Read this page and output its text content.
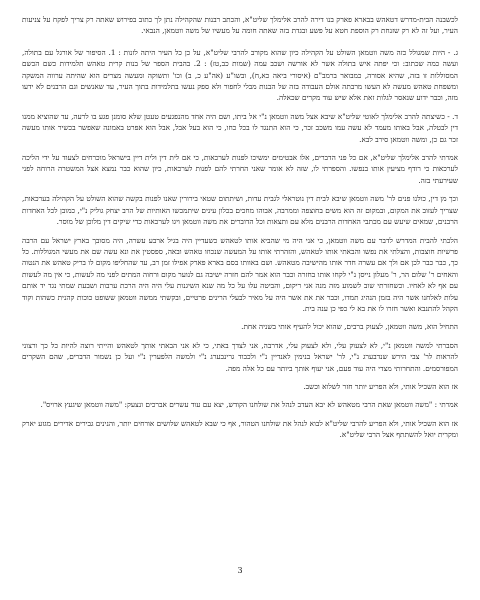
לכשבנה הבית-מדרש דטאהש בבארא פארק בנו דירה להרב אלימלך שליט"א, והכתב רבנות שהקהילה נתן לך כתוב בפירוש שאתה רק צריך לפקח על צניעות העיר, ועל זה לא רק שזנחת רק הוספת חטא על פשע ובגדת בזה שאתה חומה על מעשיו של משה ווטמאן, הנבאי.

ג. - היות שמגולל כזה משה ווטמאן השולט על הקהילה כיון שהוא מקורב להרבי שליט"א, על כן כל העיר היתה לזנות : 1. הסיפור של אורגל עם בתולה, ועשה כמה שכתוב: וכי יפתה איש בתולה אשר לא אורשה ושכב עמה (שמות כב,טז) : 2. בהבית הספר של בנות קרית טאהש תלמידות כשם הכשם המסוללות זו בזה, שהיא אסורה, כמבואר ברמב"ם (איסורי ביאה כא,ח), ובשו"ע (אה"ע כ, ב) וכו' ותשוקה ומעשה מצרים הוא שהיתה ערווה המשקה ומשפחת טאהש מעשה לא העשו מרבתה אולם העבודה בזה של הבנות מבלי לחפור ולא ספק נעשו בתלמידות בתוך העיר, עד שאנשים וגם הרבנים לא ידעו מזה, וכבר ידוע שנאסר לגלות זאת אלא שיש עוד מקרים שכאלה.

ד. - כשיצתה להרב אלימלך לאוטי שליט"א שיבא אצל משה ווטמאן נ"י אל ביתו, ושם היה אחד מהנפגעים טעטן שלא סומנן פגע בו לרעה, עד שהוציא ממנו דין לבטלה, אבל באותו מעמד לא עשה עמו משכב זכר, כי הוא התנגד לו בכל כחו, כי הוא בעל אבל, אבל הוא אפרט באמונה שאפשר בכשיר אותו מעשה זכר גם כן, ומשה ווטמאן סירב לבא.

אמרתי להרב אלימלך שליט"א, אם כל פני הדברים, אלו אבטימים ימשיכו לפנות לערכאות, כי אם לית דין ולית דיין בישראל מוכרחים לצעוד על ידי הליכה לערכאות כי רודף מציעין אותו בנפשו. והספרתי לו, שזה לא אומר שאני החרתי להם לפנות לערכאות, כיון שהוא כבר נמצא אצל המשטרה הרוחה לפני שעירעתי בזה.

וכך מן דין, כולנו פנים לר' משה ווטמאן שיבא לבית דין נוטראלי לגבית עדות, ושיתתום שטאי בירורין שאנו לפנות בקשה שהוא השולט על הקהילה בערכאות, שצריך לעזוב את המקום, ובמקום זה הוא משים בחוצפה וממרבה, אבוהו מחכים בכלון עינים שיתמכשו האותיות של הרב יצחק גוליק נ"י, כמובן לכל האחדות הרבנים, שמאים שיעש עם מכתבי האחדות הרבנים מלא עם ותצאות וכל הדוברים את משה ווטמאן ויגו לערכאות כדי שיקים דין מלוכן של מוסר.

הלכתי להבית המדרש לדבר עם משה ווטמאן, כי אני היה מי שהביא אותו לטאהש כשעדיין היה בגיל ארבע עשרה, היה מסובך בארץ ישראל עם הרבה פרשיות חוצבות, והצלתי את נפשו והבאתי אותו לטאהש, והזהרתי אותו על המעשה שנכוזו טאהש ובאה, ספסטין את ונא עשה שם את מעשי המגוללות. כל כך, כבר כבר לכן אם ולך אם עשרה חדר אותו מהישיבה מטאהש. ושם באוותו בסם בארא פארק אפילו זמן רב, עד שהחליפו מקום לו בריק טאהש את הנטוה והאחים ר' שלום הר, ר' מעלון נייסן נ"י לקחו אותו בחזרה וכבר הוא אמר להם חזרה ישיבה גם לנוער מקום ורחוה המתים לפני מה לעשות, כי אין מה לעשות עם אף לא לאחיו. וכשחזרתי שוב לשמוע מזה מנה אני ריקום, והביטה עלו על כל מה שנא השיגנות עלי היה היה הרכת ערבות ושבעת שמתי נגד יד אותם עלות לאלחנו אשר היה בזמן הנהיג תמדו, וכבר את את אשר היה על מאיר לבעלי הרינים פרטיים, ובקשתי ממשה ווטמאן ששופט כוכות קהנית כשהות וקוד הקהל להתנבא ואשר חזרו לו את בא לי כפי כן ענה בית.

התחיל הוא, משה ווטמאן, לצעוק ברבים, שהוא יכול להעיף אותי בשניה אחת.

הסברתי למשה ווטמאן נ"י, לא לצעוק עלי, ולא לצעוק עלי, אדרבה, אני לצדך באתי, כי לא אני הבאתי אותך לטאהש והייתי רוצה להיות כל כך ורצוני להראות לר' צבי הירש שנדבערג נ"י, לר' ישראל בנימין לאנדיין נ"י ולכבוד גרינבערג נ"י ולמשה הלפערין נ"י ועל כן נשמור הדברים, שהם השקרים המפורסמים. והתחרותי מצדי היה עוד פעם, אני יעוף אותך ביותר עם כל אלה מפה.

אז הוא השכיל אותי, ולא הפריע יותר חזר לשלוא וכשב.

אמרתי : "משה ווטמאן שאת הרבי מטאהש לא יבא העדב לנהל את שולחנו הקודש, יצא עם עוד עשרים אברכים ונצעק: "משה ווטמאן שיגעץ ארויס".

אז הוא השכיל אותי, ולא הפריע להרבי שליט"א לבוא לנהל את שולחנו הטהור, אף כי שבא לטאהש שלושים אורחים יותר, והנינים גבירים אדירים מגזע יארק ומקרית יואל להשתתף אצל הרבי שליט"א.

3
